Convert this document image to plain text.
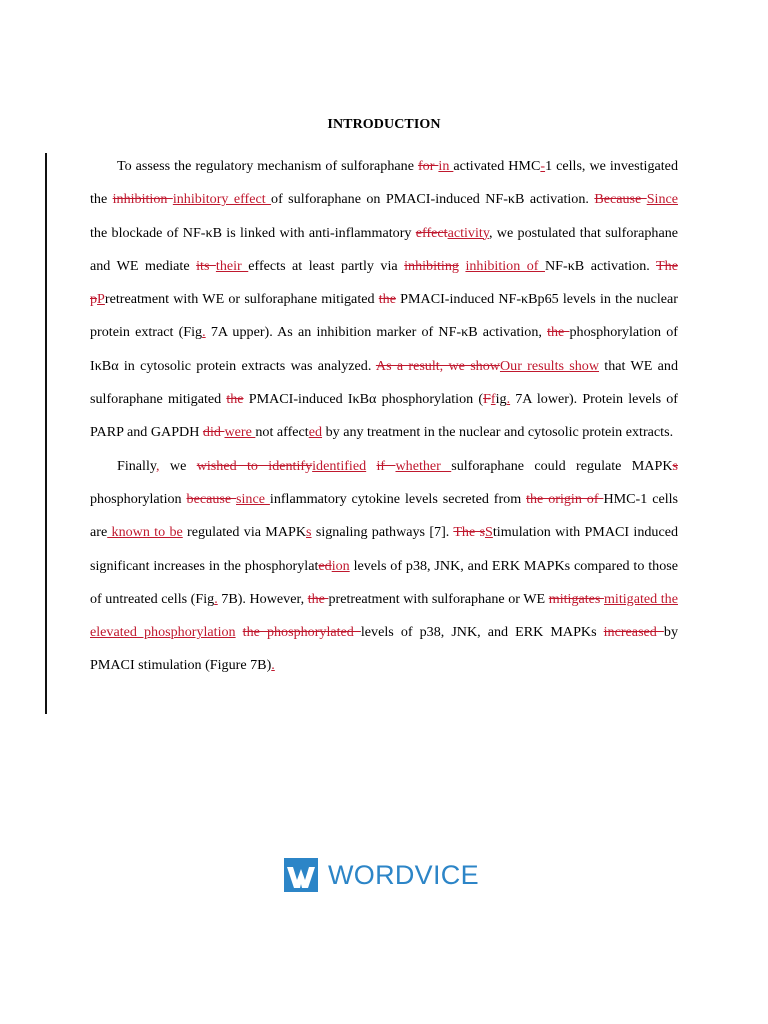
INTRODUCTION

To assess the regulatory mechanism of sulforaphane for in activated HMC-1 cells, we investigated the inhibition inhibitory effect of sulforaphane on PMACI-induced NF-κB activation. Because Since the blockade of NF-κB is linked with anti-inflammatory effectactivity, we postulated that sulforaphane and WE mediate its their effects at least partly via inhibiting inhibition of NF-κB activation. The pPretreatment with WE or sulforaphane mitigated the PMACI-induced NF-κBp65 levels in the nuclear protein extract (Fig. 7A upper). As an inhibition marker of NF-κB activation, the phosphorylation of IκBα in cytosolic protein extracts was analyzed. As a result, we showOur results show that WE and sulforaphane mitigated the PMACI-induced IκBα phosphorylation (Ffig. 7A lower). Protein levels of PARP and GAPDH did were not affected by any treatment in the nuclear and cytosolic protein extracts.

Finally, we wished to identifyidentified if whether sulforaphane could regulate MAPKs phosphorylation because since inflammatory cytokine levels secreted from the origin of HMC-1 cells are known to be regulated via MAPKs signaling pathways [7]. The sStimulation with PMACI induced significant increases in the phosphorylatedion levels of p38, JNK, and ERK MAPKs compared to those of untreated cells (Fig. 7B). However, the pretreatment with sulforaphane or WE mitigates mitigated the elevated phosphorylation the phosphorylated levels of p38, JNK, and ERK MAPKs increased by PMACI stimulation (Figure 7B).

WORDVICE
